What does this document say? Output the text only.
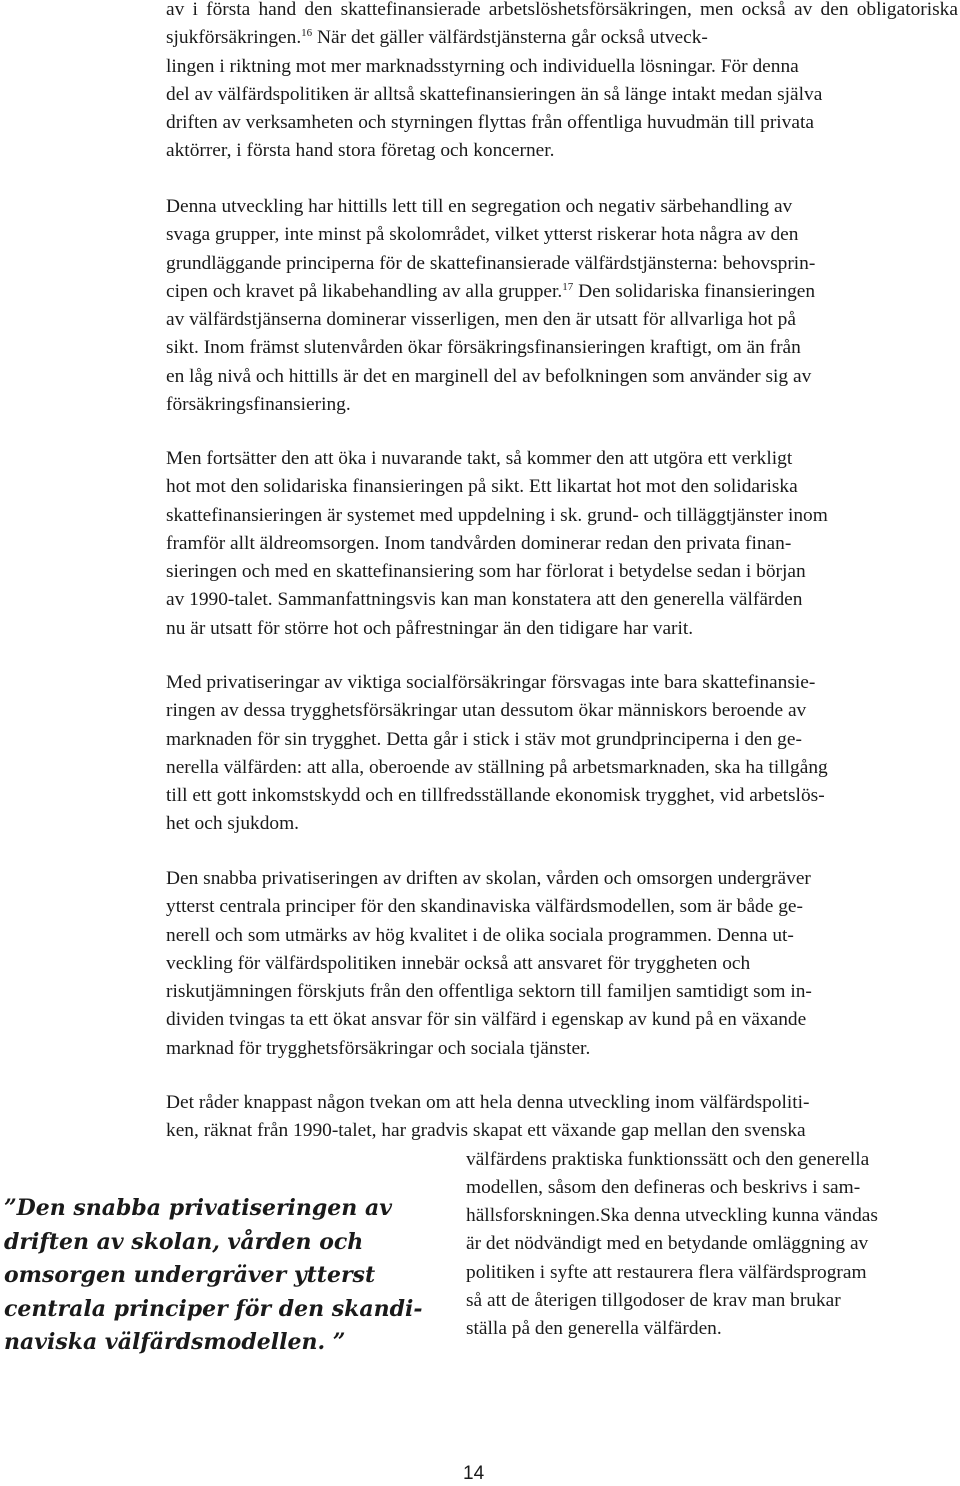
av i första hand den skattefinansierade arbetslöshetsförsäkringen, men också av den obligatoriska sjukförsäkringen.$^{16}$ När det gäller välfärdstjänsterna går också utveck-
lingen i riktning mot mer marknadsstyrning och individuella lösningar. För denna
del av välfärdspolitiken är alltså skattefinansieringen än så länge intakt medan själva
driften av verksamheten och styrningen flyttas från offentliga huvudmän till privata
aktörrer, i första hand stora företag och koncerner.

Denna utveckling har hittills lett till en segregation och negativ särbehandling av
svaga grupper, inte minst på skolområdet, vilket ytterst riskerar hota några av den
grundläggande principerna för de skattefinansierade välfärdstjänsterna: behovsprin-
cipen och kravet på likabehandling av alla grupper.$^{17}$ Den solidariska finansieringen
av välfärdstjänserna dominerar visserligen, men den är utsatt för allvarliga hot på
sikt. Inom främst slutenvården ökar försäkringsfinansieringen kraftigt, om än från
en låg nivå och hittills är det en marginell del av befolkningen som använder sig av
försäkringsfinansiering.

Men fortsätter den att öka i nuvarande takt, så kommer den att utgöra ett verkligt
hot mot den solidariska finansieringen på sikt. Ett likartat hot mot den solidariska
skattefinansieringen är systemet med uppdelning i sk. grund- och tilläggtjänster inom
framför allt äldreomsorgen. Inom tandvården dominerar redan den privata finan-
sieringen och med en skattefinansiering som har förlorat i betydelse sedan i början
av 1990-talet. Sammanfattningsvis kan man konstatera att den generella välfärden
nu är utsatt för större hot och påfrestningar än den tidigare har varit.

Med privatiseringar av viktiga socialförsäkringar försvagas inte bara skattefinansie-
ringen av dessa trygghetsförsäkringar utan dessutom ökar människors beroende av
marknaden för sin trygghet. Detta går i stick i stäv mot grundprinciperna i den ge-
nerella välfärden: att alla, oberoende av ställning på arbetsmarknaden, ska ha tillgång
till ett gott inkomstskydd och en tillfredsställande ekonomisk trygghet, vid arbetslös-
het och sjukdom.

Den snabba privatiseringen av driften av skolan, vården och omsorgen undergräver
ytterst centrala principer för den skandinaviska välfärdsmodellen, som är både ge-
nerell och som utmärks av hög kvalitet i de olika sociala programmen. Denna ut-
veckling för välfärdspolitiken innebär också att ansvaret för tryggheten och
riskutjämningen förskjuts från den offentliga sektorn till familjen samtidigt som in-
dividen tvingas ta ett ökat ansvar för sin välfärd i egenskap av kund på en växande
marknad för trygghetsförsäkringar och sociala tjänster.

Det råder knappast någon tvekan om att hela denna utveckling inom välfärdspoliti-
ken, räknat från 1990-talet, har gradvis skapat ett växande gap mellan den svenska
välfärdens praktiska funktionssätt och den generella
modellen, såsom den defineras och beskrivs i sam-
hällsforskningen.Ska denna utveckling kunna vändas
är det nödvändigt med en betydande omläggning av
politiken i syfte att restaurera flera välfärdsprogram
så att de återigen tillgodoser de krav man brukar
ställa på den generella välfärden.

”Den snabba privatiseringen av
driften av skolan, vården och
omsorgen undergräver ytterst
centrala principer för den skandi-
naviska välfärdsmodellen. ”
14
